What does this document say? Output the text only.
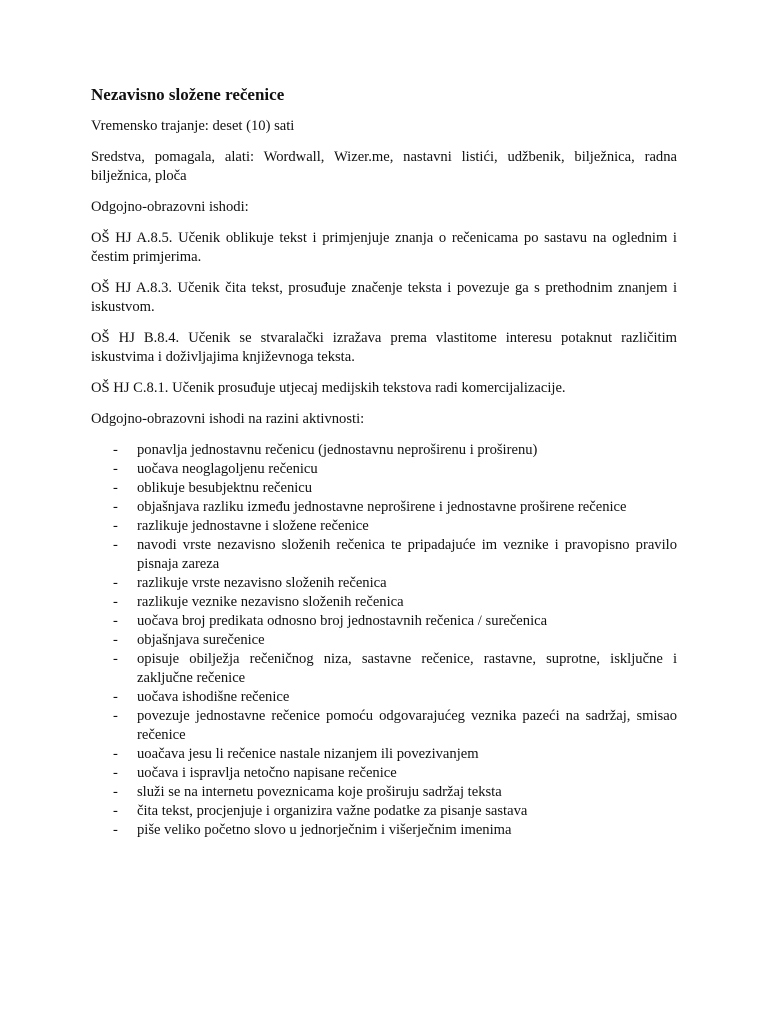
Nezavisno složene rečenice
Vremensko trajanje: deset (10) sati
Sredstva, pomagala, alati: Wordwall, Wizer.me, nastavni listići, udžbenik, bilježnica, radna bilježnica, ploča
Odgojno-obrazovni ishodi:
OŠ HJ A.8.5. Učenik oblikuje tekst i primjenjuje znanja o rečenicama po sastavu na oglednim i čestim primjerima.
OŠ HJ A.8.3. Učenik čita tekst, prosuđuje značenje teksta i povezuje ga s prethodnim znanjem i iskustvom.
OŠ HJ B.8.4. Učenik se stvaralački izražava prema vlastitome interesu potaknut različitim iskustvima i doživljajima književnoga teksta.
OŠ HJ C.8.1. Učenik prosuđuje utjecaj medijskih tekstova radi komercijalizacije.
Odgojno-obrazovni ishodi na razini aktivnosti:
- ponavlja jednostavnu rečenicu (jednostavnu neproširenu i proširenu)
- uočava neoglagoljenu rečenicu
- oblikuje besubjektnu rečenicu
- objašnjava razliku između jednostavne neproširene i jednostavne proširene rečenice
- razlikuje jednostavne i složene rečenice
- navodi vrste nezavisno složenih rečenica te pripadajuće im veznike i pravopisno pravilo pisnaja zareza
- razlikuje vrste nezavisno složenih rečenica
- razlikuje veznike nezavisno složenih rečenica
- uočava broj predikata odnosno broj jednostavnih rečenica / surečenica
- objašnjava surečenice
- opisuje obilježja rečeničnog niza, sastavne rečenice, rastavne, suprotne, isključne i zaključne rečenice
- uočava ishodišne rečenice
- povezuje jednostavne rečenice pomoću odgovarajućeg veznika pazeći na sadržaj, smisao rečenice
- uoačava jesu li rečenice nastale nizanjem ili povezivanjem
- uočava i ispravlja netočno napisane rečenice
- služi se na internetu poveznicama koje proširuju sadržaj teksta
- čita tekst, procjenjuje i organizira važne podatke za pisanje sastava
- piše veliko početno slovo u jednorječnim i višerječnim imenima
